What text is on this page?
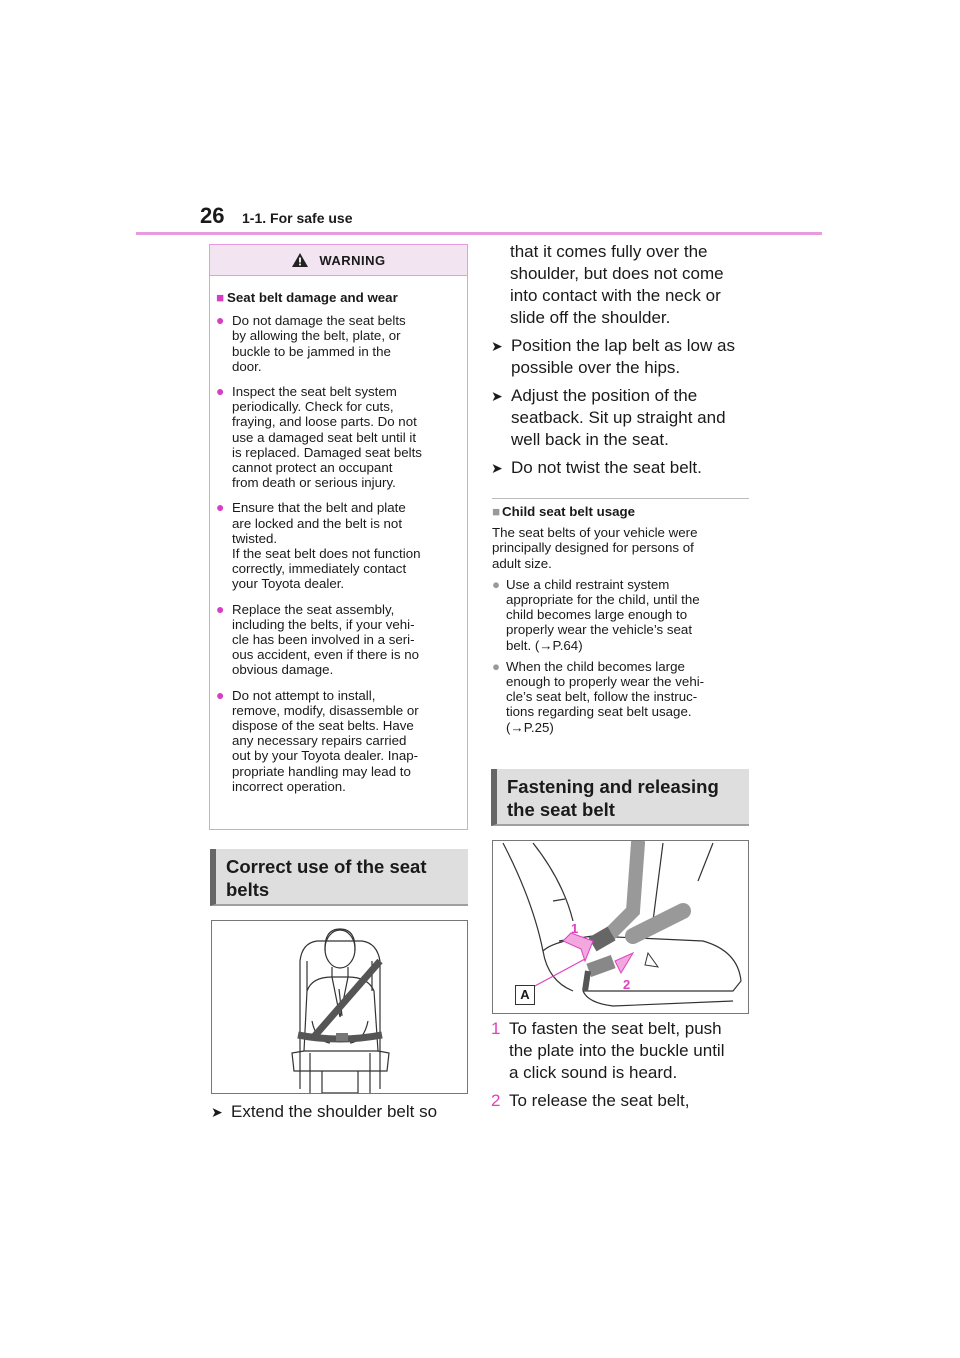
26 1-1. For safe use
WARNING
■ Seat belt damage and wear
● Do not damage the seat belts
by allowing the belt, plate, or
buckle to be jammed in the
door.
● Inspect the seat belt system
periodically. Check for cuts,
fraying, and loose parts. Do not
use a damaged seat belt until it
is replaced. Damaged seat belts
cannot protect an occupant
from death or serious injury.
● Ensure that the belt and plate
are locked and the belt is not
twisted.
If the seat belt does not function
correctly, immediately contact
your Toyota dealer.
● Replace the seat assembly,
including the belts, if your vehi-
cle has been involved in a seri-
ous accident, even if there is no
obvious damage.
● Do not attempt to install,
remove, modify, disassemble or
dispose of the seat belts. Have
any necessary repairs carried
out by your Toyota dealer. Inap-
propriate handling may lead to
incorrect operation.
Correct use of the seat
belts
➤ Extend the shoulder belt so
that it comes fully over the
shoulder, but does not come
into contact with the neck or
slide off the shoulder.
➤ Position the lap belt as low as
possible over the hips.
➤ Adjust the position of the
seatback. Sit up straight and
well back in the seat.
➤ Do not twist the seat belt.
■ Child seat belt usage
The seat belts of your vehicle were
principally designed for persons of
adult size.
● Use a child restraint system
appropriate for the child, until the
child becomes large enough to
properly wear the vehicle’s seat
belt. (→P.64)
● When the child becomes large
enough to properly wear the vehi-
cle’s seat belt, follow the instruc-
tions regarding seat belt usage.
(→P.25)
Fastening and releasing
the seat belt
1
2
A
1 To fasten the seat belt, push
the plate into the buckle until
a click sound is heard.
2 To release the seat belt,
